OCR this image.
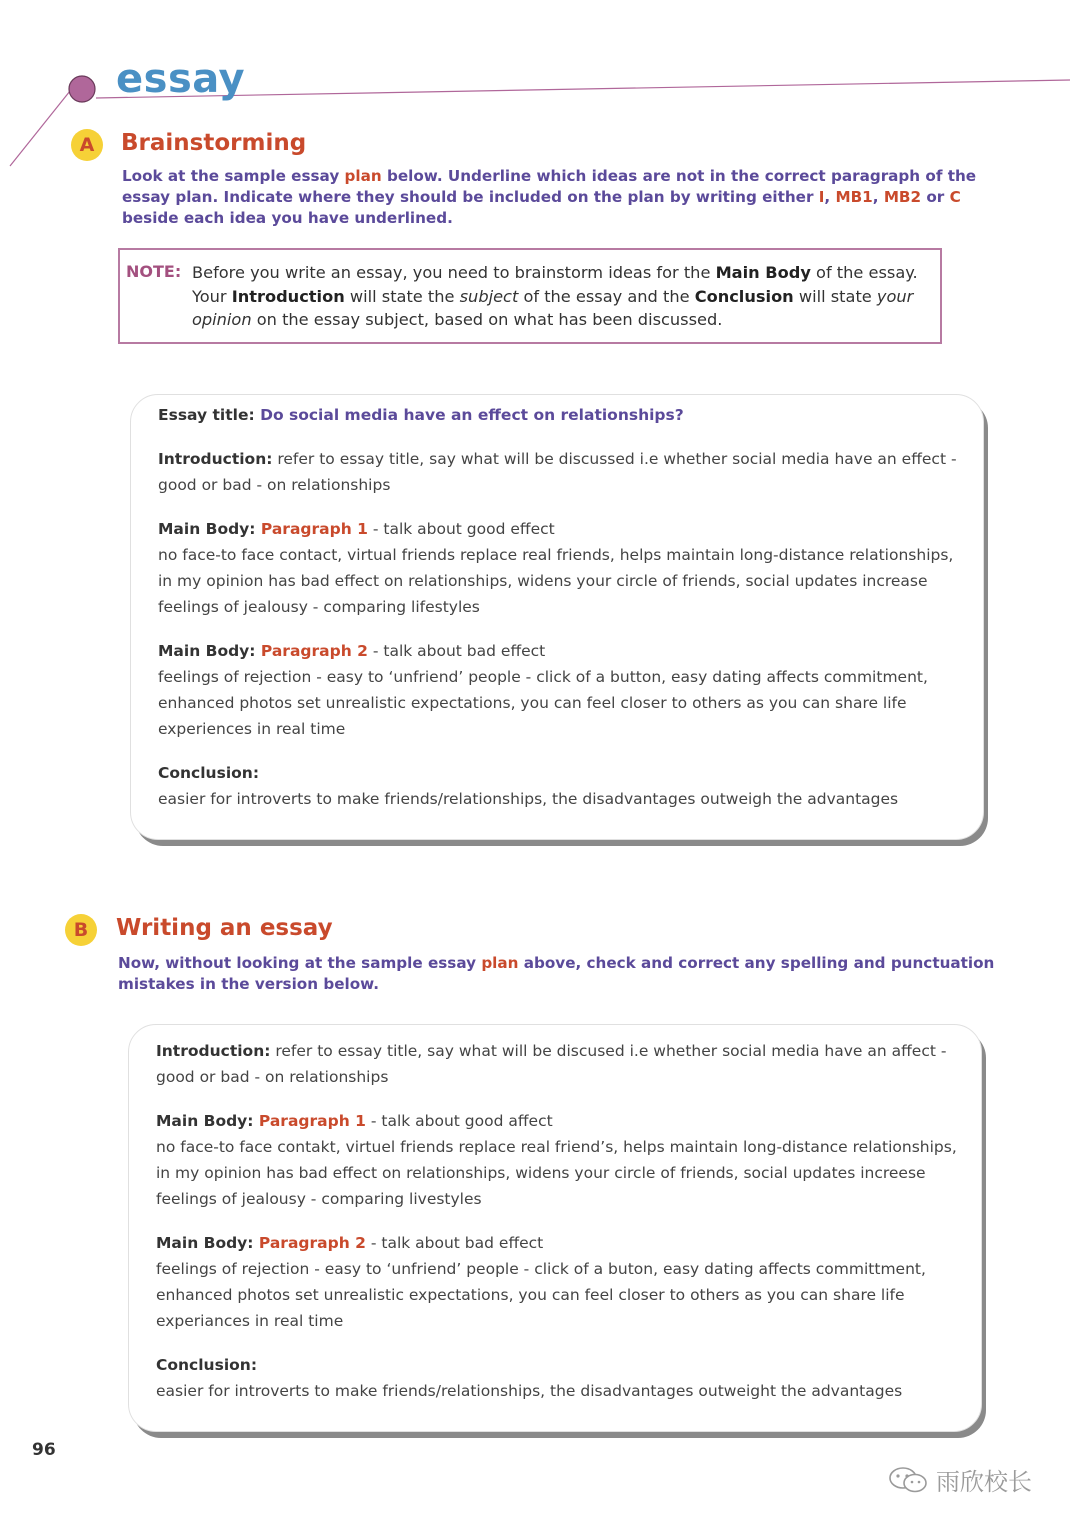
essay
A	Brainstorming

Look at the sample essay plan below. Underline which ideas are not in the correct paragraph of the essay plan. Indicate where they should be included on the plan by writing either I, MB1, MB2 or C beside each idea you have underlined.

NOTE: Before you write an essay, you need to brainstorm ideas for the Main Body of the essay. Your Introduction will state the subject of the essay and the Conclusion will state your opinion on the essay subject, based on what has been discussed.

Essay title: Do social media have an effect on relationships?

Introduction: refer to essay title, say what will be discussed i.e whether social media have an effect - good or bad - on relationships

Main Body: Paragraph 1 - talk about good effect
no face-to face contact, virtual friends replace real friends, helps maintain long-distance relationships, in my opinion has bad effect on relationships, widens your circle of friends, social updates increase feelings of jealousy - comparing lifestyles

Main Body: Paragraph 2 - talk about bad effect
feelings of rejection - easy to ‘unfriend’ people - click of a button, easy dating affects commitment, enhanced photos set unrealistic expectations, you can feel closer to others as you can share life experiences in real time

Conclusion:
easier for introverts to make friends/relationships, the disadvantages outweigh the advantages

B	Writing an essay

Now, without looking at the sample essay plan above, check and correct any spelling and punctuation mistakes in the version below.

Introduction: refer to essay title, say what will be discused i.e whether social media have an affect - good or bad - on relationships

Main Body: Paragraph 1 - talk about good affect
no face-to face contakt, virtuel friends replace real friend’s, helps maintain long-distance relationships, in my opinion has bad effect on relationships, widens your circle of friends, social updates increese feelings of jealousy - comparing livestyles

Main Body: Paragraph 2 - talk about bad effect
feelings of rejection - easy to ‘unfriend’ people - click of a buton, easy dating affects committment, enhanced photos set unrealistic expectations, you can feel closer to others as you can share life experiances in real time

Conclusion:
easier for introverts to make friends/relationships, the disadvantages outweight the advantages

96
雨欣校长
